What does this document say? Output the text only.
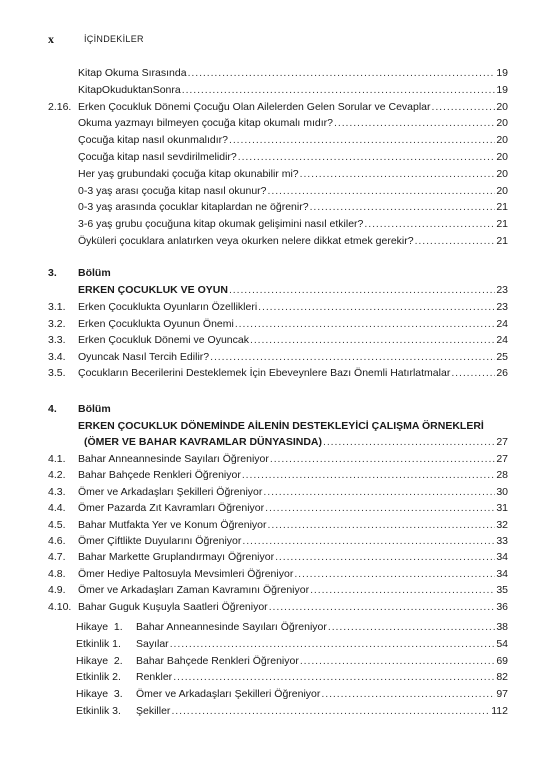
x	İÇİNDEKİLER
Kitap Okuma Sırasında . . .	19
KitapOkuduktanSonra . . .	19
2.16. Erken Çocukluk Dönemi Çocuğu Olan Ailelerden Gelen Sorular ve Cevaplar . . .	20
Okuma yazmayı bilmeyen çocuğa kitap okumalı mıdır? . . .	20
Çocuğa kitap nasıl okunmalıdır? . . .	20
Çocuğa kitap nasıl sevdirilmelidir? . . .	20
Her yaş grubundaki çocuğa kitap okunabilir mi? . . .	20
0-3 yaş arası çocuğa kitap nasıl okunur? . . .	20
0-3 yaş arasında çocuklar kitaplardan ne öğrenir? . . .	21
3-6 yaş grubu çocuğuna kitap okumak gelişimini nasıl etkiler? . . .	21
Öyküleri çocuklara anlatırken veya okurken nelere dikkat etmek gerekir? . . .	21
3. Bölüm
ERKEN ÇOCUKLUK VE OYUN . . .	23
3.1. Erken Çocuklukta Oyunların Özellikleri . . .	23
3.2. Erken Çocuklukta Oyunun Önemi . . .	24
3.3. Erken Çocukluk Dönemi ve Oyuncak . . .	24
3.4. Oyuncak Nasıl Tercih Edilir? . . .	25
3.5. Çocukların Becerilerini Desteklemek İçin Ebeveynlere Bazı Önemli Hatırlatmalar . . .	26
4. Bölüm
ERKEN ÇOCUKLUK DÖNEMİNDE AİLENİN DESTEKLEYİCİ ÇALIŞMA ÖRNEKLERİ
(ÖMER VE BAHAR KAVRAMLAR DÜNYASINDA) . . .	27
4.1. Bahar Anneannesinde Sayıları Öğreniyor . . .	27
4.2. Bahar Bahçede Renkleri Öğreniyor . . .	28
4.3. Ömer ve Arkadaşları Şekilleri Öğreniyor . . .	30
4.4. Ömer Pazarda Zıt Kavramları Öğreniyor . . .	31
4.5. Bahar Mutfakta Yer ve Konum Öğreniyor . . .	32
4.6. Ömer Çiftlikte Duyularını Öğreniyor . . .	33
4.7. Bahar Markette Gruplandırmayı Öğreniyor . . .	34
4.8. Ömer Hediye Paltosuyla Mevsimleri Öğreniyor . . .	34
4.9. Ömer ve Arkadaşları Zaman Kavramını Öğreniyor . . .	35
4.10. Bahar Guguk Kuşuyla Saatleri Öğreniyor . . .	36
Hikaye  1. Bahar Anneannesinde Sayıları Öğreniyor . . .	38
Etkinlik 1. Sayılar . . .	54
Hikaye  2. Bahar Bahçede Renkleri Öğreniyor . . .	69
Etkinlik 2. Renkler . . .	82
Hikaye  3. Ömer ve Arkadaşları Şekilleri Öğreniyor . . .	97
Etkinlik 3. Şekiller . . .	112
